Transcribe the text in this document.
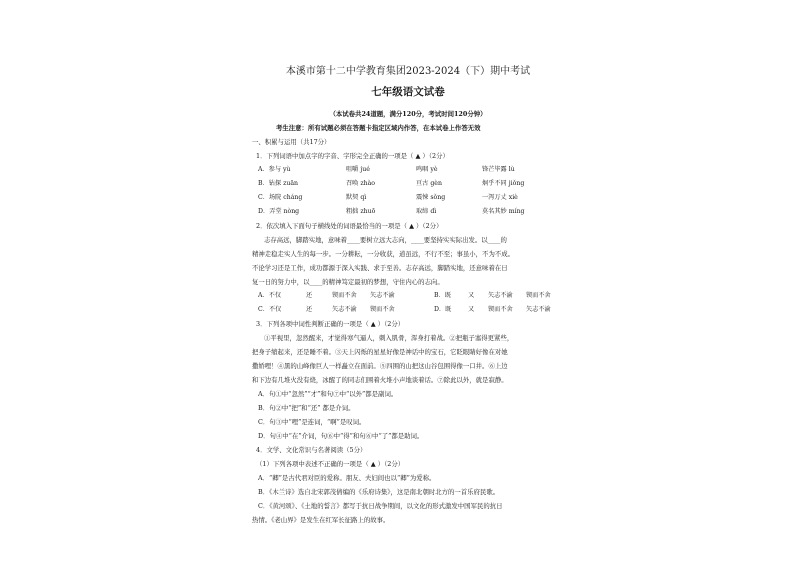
本溪市第十二中学教育集团2023-2024（下）期中考试
七年级语文试卷
（本试卷共24道题，满分120分，考试时间120分钟）
考生注意：所有试题必须在答题卡指定区域内作答，在本试卷上作答无效
一、积累与运用（共17分）
1．下列词语中加点字的字音、字形完全正确的一项是（ ▲ ）（2分）
A．参与 yù	咀嚼 jué	鸣咽 yè	锋芒毕露 lù
B．钻探 zuān	召唤 zhào	亘古 gèn	炯乎不同 jiǒng
C．场院 cháng	默契 qì	震悚 sǒng	一泻万丈 xiè
D．弄堂 nòng	粗拙 zhuō	取缔 dì	莫名其妙 míng
2．依次填入下面句子横线处的词语最恰当的一项是（ ▲ ）（2分）
志存高远，脚踏实地，意味着____要树立远大志向，____要坚持实实际出发。以____的
精神走稳走实人生的每一步。一分耕耘，一分收获，道虽远，不行不至；事虽小，不为不成。
不论学习还是工作，成功都源于深入实践、求于至善。志存高远，脚踏实地，还意味着在日
复一日的努力中，以____的精神笃定最初的梦想，守住内心的志向。
A．不仅	还	锲而不舍 矢志不渝	B．既	又 矢志不渝 锲而不舍
C．不仅	还	矢志不渝 锲而不舍	D．既	又 锲而不舍 矢志不渝
3．下列各项中词性判断正确的一项是（ ▲ ）（2分）
①平视里，忽然醒来，才觉得寒气逼人，刺入肌骨，浑身打着战。②把瓶子塞得更紧些，
把身子缩起来，还是睡不着。③天上闪烁的星星好像是神话中的宝石，它眨眼睛好像在对她
撒娇哩！④黑的山峰像巨人一样矗立在面前。⑤四围的山把这山谷包围得像一口井。⑥上边
和下边有几堆火没有烧，冰醒了的同志们围着火堆小声地谈着话。⑦除此以外，就是寂静。
A．句①中“忽然”“才”和句⑦中“以外”都是副词。
B．句②中“把”和“还” 都是介词。
C．句③中“哩”是连词，“啊”是叹词。
D．句④中“在”介词，句⑥中“得”和句⑥中“了”都是助词。
4．文学、文化常识与名著阅读（5分）
（1）下列各项中表述不正确的一项是（ ▲ ）（2分）
A．“卿”是古代君对臣的爱称。朋友、夫妇间也以“卿”为爱称。
B．《木兰诗》选自北宋郭茂倩编的《乐府诗集》，这是南北朝时北方的一首乐府民歌。
C．《黄河颂》、《土地的誓言》都写于抗日战争期间，以文化的形式激发中国军民的抗日
热情。《老山界》是发生在红军长征路上的故事。
